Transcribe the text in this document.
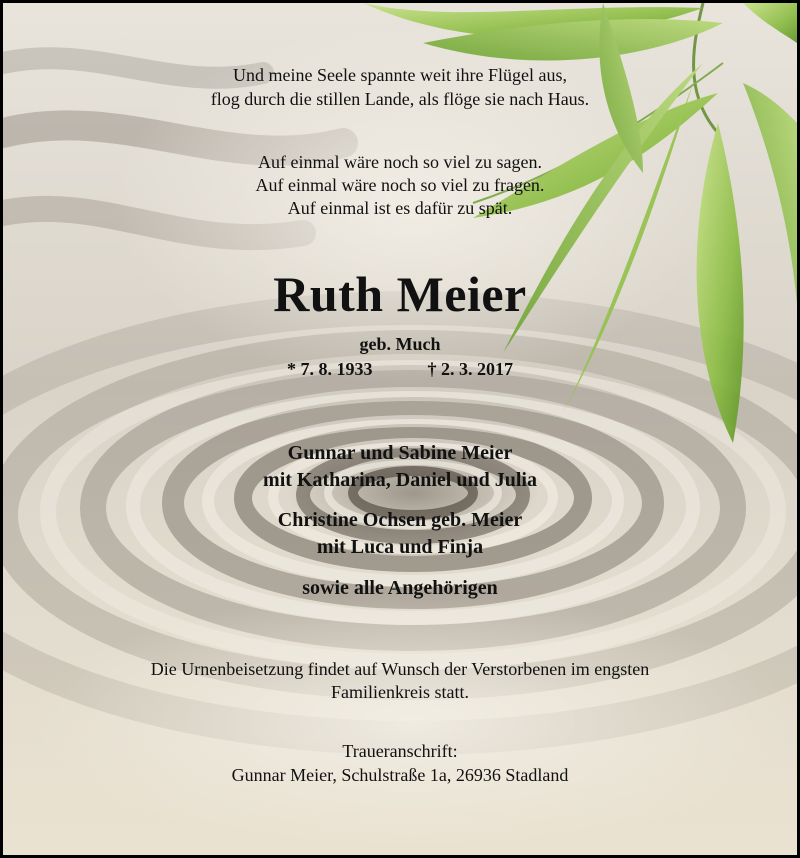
Und meine Seele spannte weit ihre Flügel aus,

flog durch die stillen Lande, als flöge sie nach Haus.

Auf einmal wäre noch so viel zu sagen.

Auf einmal wäre noch so viel zu fragen.

Auf einmal ist es dafür zu spät.

Ruth Meier

geb. Much

* 7. 8. 1933	† 2. 3. 2017

Gunnar und Sabine Meier

mit Katharina, Daniel und Julia

Christine Ochsen geb. Meier

mit Luca und Finja

sowie alle Angehörigen

Die Urnenbeisetzung findet auf Wunsch der Verstorbenen im engsten

Familienkreis statt.

Traueranschrift:

Gunnar Meier, Schulstraße 1a, 26936 Stadland
